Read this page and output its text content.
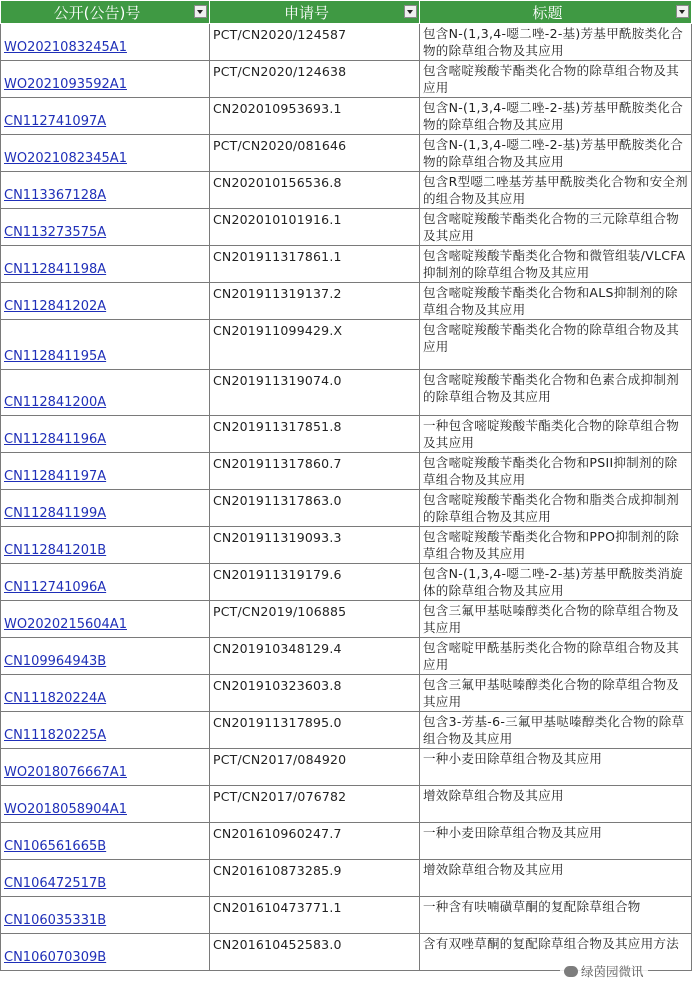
公开(公告)号	申请号	标题

WO2021083245A1	PCT/CN2020/124587	包含N-(1,3,4-噁二唑-2-基)芳基甲酰胺类化合物的除草组合物及其应用
WO2021093592A1	PCT/CN2020/124638	包含嘧啶羧酸苄酯类化合物的除草组合物及其应用
CN112741097A	CN202010953693.1	包含N-(1,3,4-噁二唑-2-基)芳基甲酰胺类化合物的除草组合物及其应用
WO2021082345A1	PCT/CN2020/081646	包含N-(1,3,4-噁二唑-2-基)芳基甲酰胺类化合物的除草组合物及其应用
CN113367128A	CN202010156536.8	包含R型噁二唑基芳基甲酰胺类化合物和安全剂的组合物及其应用
CN113273575A	CN202010101916.1	包含嘧啶羧酸苄酯类化合物的三元除草组合物及其应用
CN112841198A	CN201911317861.1	包含嘧啶羧酸苄酯类化合物和微管组装/VLCFA抑制剂的除草组合物及其应用
CN112841202A	CN201911319137.2	包含嘧啶羧酸苄酯类化合物和ALS抑制剂的除草组合物及其应用
CN112841195A	CN201911099429.X	包含嘧啶羧酸苄酯类化合物的除草组合物及其应用
CN112841200A	CN201911319074.0	包含嘧啶羧酸苄酯类化合物和色素合成抑制剂的除草组合物及其应用
CN112841196A	CN201911317851.8	一种包含嘧啶羧酸苄酯类化合物的除草组合物及其应用
CN112841197A	CN201911317860.7	包含嘧啶羧酸苄酯类化合物和PSII抑制剂的除草组合物及其应用
CN112841199A	CN201911317863.0	包含嘧啶羧酸苄酯类化合物和脂类合成抑制剂的除草组合物及其应用
CN112841201B	CN201911319093.3	包含嘧啶羧酸苄酯类化合物和PPO抑制剂的除草组合物及其应用
CN112741096A	CN201911319179.6	包含N-(1,3,4-噁二唑-2-基)芳基甲酰胺类消旋体的除草组合物及其应用
WO2020215604A1	PCT/CN2019/106885	包含三氟甲基哒嗪醇类化合物的除草组合物及其应用
CN109964943B	CN201910348129.4	包含嘧啶甲酰基肟类化合物的除草组合物及其应用
CN111820224A	CN201910323603.8	包含三氟甲基哒嗪醇类化合物的除草组合物及其应用
CN111820225A	CN201911317895.0	包含3-芳基-6-三氟甲基哒嗪醇类化合物的除草组合物及其应用
WO2018076667A1	PCT/CN2017/084920	一种小麦田除草组合物及其应用
WO2018058904A1	PCT/CN2017/076782	增效除草组合物及其应用
CN106561665B	CN201610960247.7	一种小麦田除草组合物及其应用
CN106472517B	CN201610873285.9	增效除草组合物及其应用
CN106035331B	CN201610473771.1	一种含有呋喃磺草酮的复配除草组合物
CN106070309B	CN201610452583.0	含有双唑草酮的复配除草组合物及其应用方法
绿茵园微讯
